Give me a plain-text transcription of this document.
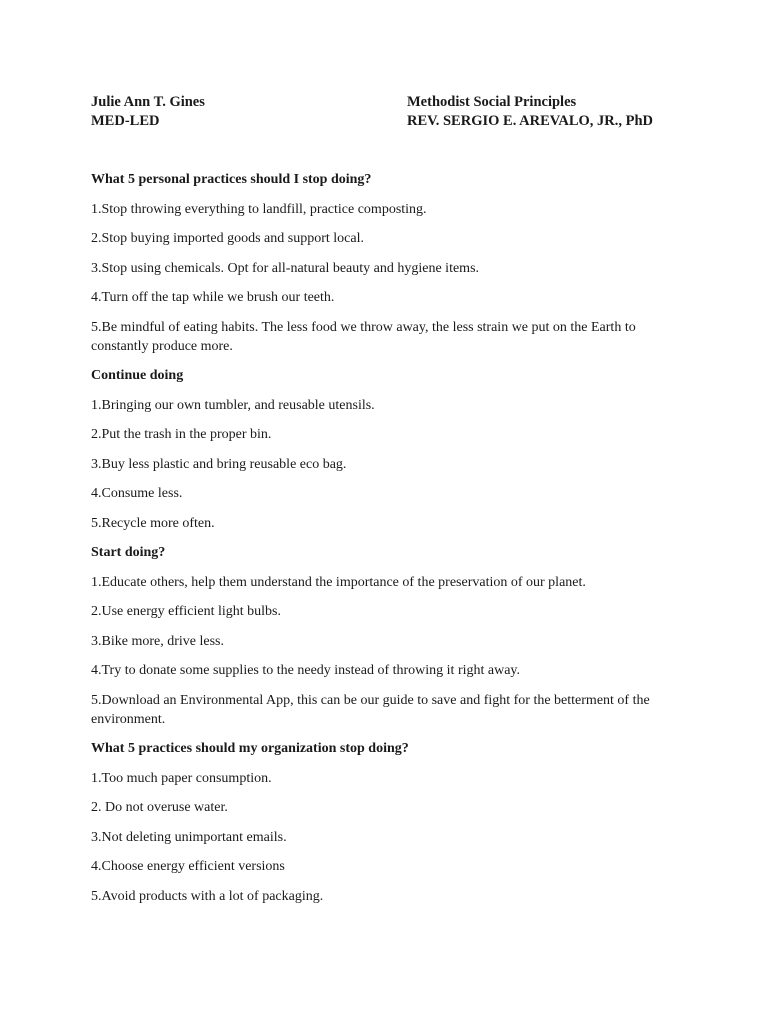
Julie Ann T. Gines	Methodist Social Principles
MED-LED	REV. SERGIO E. AREVALO, JR., PhD
What 5 personal practices should I stop doing?
1.Stop throwing everything to landfill, practice composting.
2.Stop buying imported goods and support local.
3.Stop using chemicals. Opt for all-natural beauty and hygiene items.
4.Turn off the tap while we brush our teeth.
5.Be mindful of eating habits. The less food we throw away, the less strain we put on the Earth to constantly produce more.
Continue doing
1.Bringing our own tumbler, and reusable utensils.
2.Put the trash in the proper bin.
3.Buy less plastic and bring reusable eco bag.
4.Consume less.
5.Recycle more often.
Start doing?
1.Educate others, help them understand the importance of the preservation of our planet.
2.Use energy efficient light bulbs.
3.Bike more, drive less.
4.Try to donate some supplies to the needy instead of throwing it right away.
5.Download an Environmental App, this can be our guide to save and fight for the betterment of the environment.
What 5 practices should my organization stop doing?
1.Too much paper consumption.
2. Do not overuse water.
3.Not deleting unimportant emails.
4.Choose energy efficient versions
5.Avoid products with a lot of packaging.
